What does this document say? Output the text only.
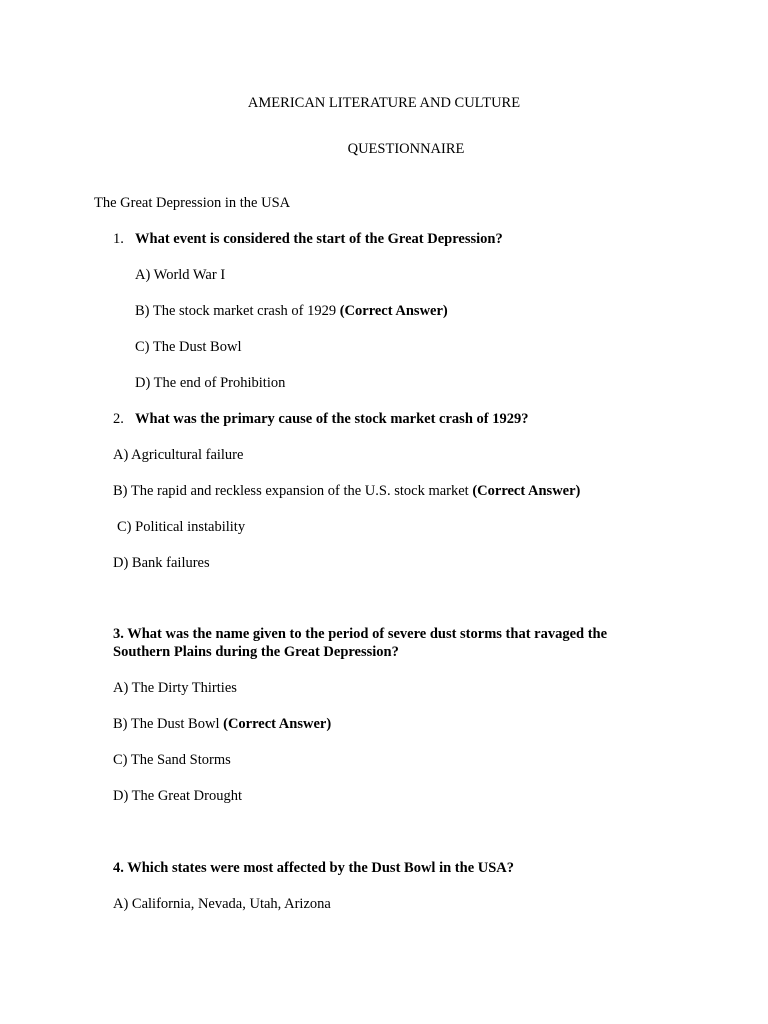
AMERICAN LITERATURE AND CULTURE
QUESTIONNAIRE
The Great Depression in the USA
1. What event is considered the start of the Great Depression?
A) World War I
B) The stock market crash of 1929 (Correct Answer)
C) The Dust Bowl
D) The end of Prohibition
2. What was the primary cause of the stock market crash of 1929?
A) Agricultural failure
B) The rapid and reckless expansion of the U.S. stock market (Correct Answer)
C) Political instability
D) Bank failures
3. What was the name given to the period of severe dust storms that ravaged the Southern Plains during the Great Depression?
A) The Dirty Thirties
B) The Dust Bowl (Correct Answer)
C) The Sand Storms
D) The Great Drought
4. Which states were most affected by the Dust Bowl in the USA?
A) California, Nevada, Utah, Arizona
